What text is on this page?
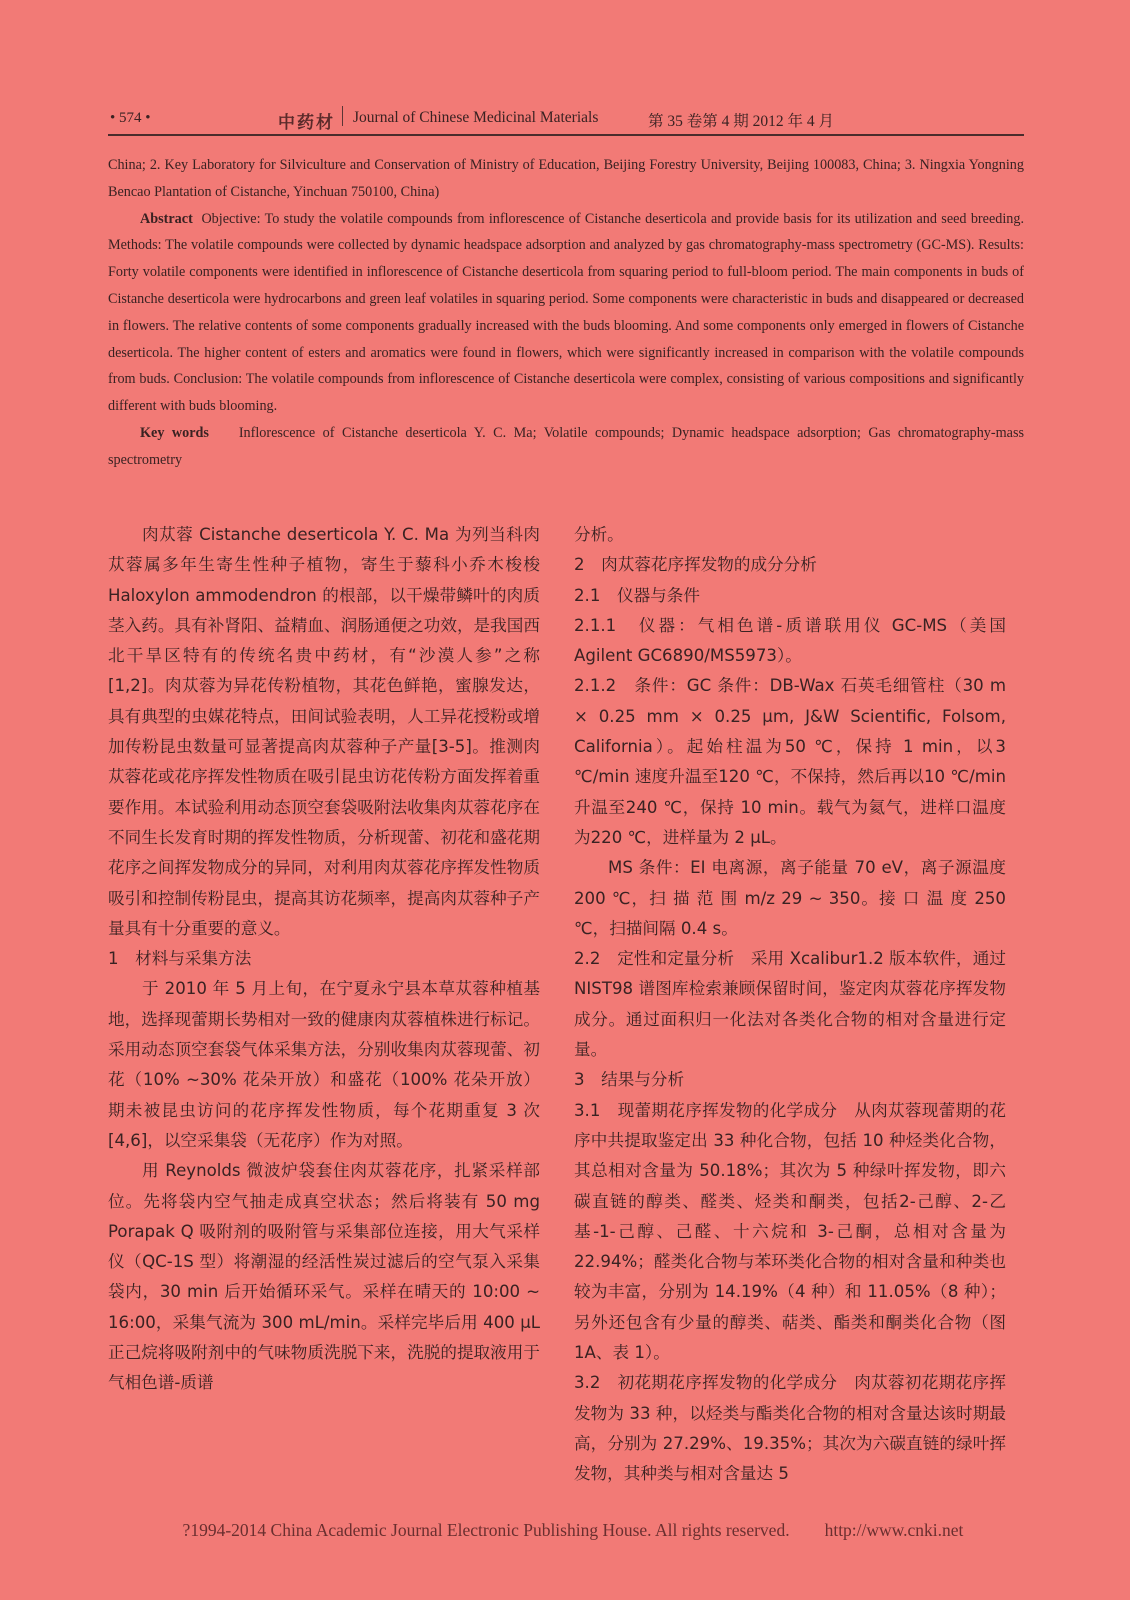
• 574 •	中药材 Journal of Chinese Medicinal Materials	第 35 卷第 4 期 2012 年 4 月

China; 2. Key Laboratory for Silviculture and Conservation of Ministry of Education, Beijing Forestry University, Beijing 100083, China; 3. Ningxia Yongning Bencao Plantation of Cistanche, Yinchuan 750100, China)

Abstract Objective: To study the volatile compounds from inflorescence of Cistanche deserticola and provide basis for its utilization and seed breeding. Methods: The volatile compounds were collected by dynamic headspace adsorption and analyzed by gas chromatography-mass spectrometry (GC-MS). Results: Forty volatile components were identified in inflorescence of Cistanche deserticola from squaring period to full-bloom period. The main components in buds of Cistanche deserticola were hydrocarbons and green leaf volatiles in squaring period. Some components were characteristic in buds and disappeared or decreased in flowers. The relative contents of some components gradually increased with the buds blooming. And some components only emerged in flowers of Cistanche deserticola. The higher content of esters and aromatics were found in flowers, which were significantly increased in comparison with the volatile compounds from buds. Conclusion: The volatile compounds from inflorescence of Cistanche deserticola were complex, consisting of various compositions and significantly different with buds blooming.

Key words Inflorescence of Cistanche deserticola Y. C. Ma; Volatile compounds; Dynamic headspace adsorption; Gas chromatography-mass spectrometry

肉苁蓉 Cistanche deserticola Y. C. Ma 为列当科肉苁蓉属多年生寄生性种子植物，寄生于藜科小乔木梭梭 Haloxylon ammodendron 的根部，以干燥带鳞叶的肉质茎入药。具有补肾阳、益精血、润肠通便之功效，是我国西北干旱区特有的传统名贵中药材，有“沙漠人参”之称[1,2]。肉苁蓉为异花传粉植物，其花色鲜艳，蜜腺发达，具有典型的虫媒花特点，田间试验表明，人工异花授粉或增加传粉昆虫数量可显著提高肉苁蓉种子产量[3-5]。推测肉苁蓉花或花序挥发性物质在吸引昆虫访花传粉方面发挥着重要作用。本试验利用动态顶空套袋吸附法收集肉苁蓉花序在不同生长发育时期的挥发性物质，分析现蕾、初花和盛花期花序之间挥发物成分的异同，对利用肉苁蓉花序挥发性物质吸引和控制传粉昆虫，提高其访花频率，提高肉苁蓉种子产量具有十分重要的意义。

1　材料与采集方法

于 2010 年 5 月上旬，在宁夏永宁县本草苁蓉种植基地，选择现蕾期长势相对一致的健康肉苁蓉植株进行标记。采用动态顶空套袋气体采集方法，分别收集肉苁蓉现蕾、初花（10% ~30% 花朵开放）和盛花（100% 花朵开放）期未被昆虫访问的花序挥发性物质，每个花期重复 3 次[4,6]，以空采集袋（无花序）作为对照。

用 Reynolds 微波炉袋套住肉苁蓉花序，扎紧采样部位。先将袋内空气抽走成真空状态；然后将装有 50 mg Porapak Q 吸附剂的吸附管与采集部位连接，用大气采样仪（QC-1S 型）将潮湿的经活性炭过滤后的空气泵入采集袋内，30 min 后开始循环采气。采样在晴天的 10:00 ~ 16:00，采集气流为 300 mL/min。采样完毕后用 400 μL 正己烷将吸附剂中的气味物质洗脱下来，洗脱的提取液用于气相色谱-质谱

分析。

2　肉苁蓉花序挥发物的成分分析

2.1　仪器与条件

2.1.1　仪器：气相色谱-质谱联用仪 GC-MS（美国 Agilent GC6890/MS5973）。

2.1.2　条件：GC 条件：DB-Wax 石英毛细管柱（30 m × 0.25 mm × 0.25 μm, J&W Scientific, Folsom, California）。起始柱温为50 ℃，保持 1 min，以3 ℃/min 速度升温至120 ℃，不保持，然后再以10 ℃/min 升温至240 ℃，保持 10 min。载气为氦气，进样口温度为220 ℃，进样量为 2 μL。

MS 条件：EI 电离源，离子能量 70 eV，离子源温度200 ℃，扫 描 范 围 m/z 29 ~ 350。接 口 温 度 250 ℃，扫描间隔 0.4 s。

2.2　定性和定量分析　采用 Xcalibur1.2 版本软件，通过 NIST98 谱图库检索兼顾保留时间，鉴定肉苁蓉花序挥发物成分。通过面积归一化法对各类化合物的相对含量进行定量。

3　结果与分析

3.1　现蕾期花序挥发物的化学成分　从肉苁蓉现蕾期的花序中共提取鉴定出 33 种化合物，包括 10 种烃类化合物，其总相对含量为 50.18%；其次为 5 种绿叶挥发物，即六碳直链的醇类、醛类、烃类和酮类，包括2-己醇、2-乙基-1-己醇、己醛、十六烷和 3-己酮，总相对含量为 22.94%；醛类化合物与苯环类化合物的相对含量和种类也较为丰富，分别为 14.19%（4 种）和 11.05%（8 种）；另外还包含有少量的醇类、萜类、酯类和酮类化合物（图 1A、表 1）。

3.2　初花期花序挥发物的化学成分　肉苁蓉初花期花序挥发物为 33 种，以烃类与酯类化合物的相对含量达该时期最高，分别为 27.29%、19.35%；其次为六碳直链的绿叶挥发物，其种类与相对含量达 5

?1994-2014 China Academic Journal Electronic Publishing House. All rights reserved.　　http://www.cnki.net
